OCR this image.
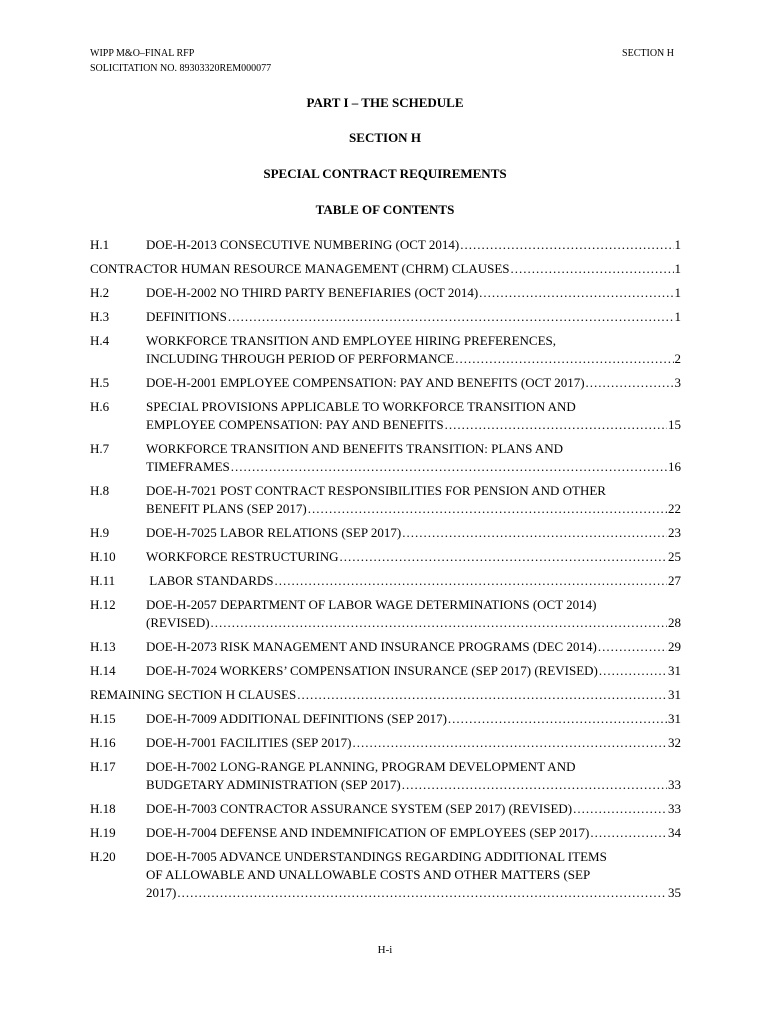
WIPP M&O–FINAL RFP
SOLICITATION NO. 89303320REM000077
SECTION H
PART I – THE SCHEDULE
SECTION H
SPECIAL CONTRACT REQUIREMENTS
TABLE OF CONTENTS
H.1	DOE-H-2013 CONSECUTIVE NUMBERING (OCT 2014) .....	1
CONTRACTOR HUMAN RESOURCE MANAGEMENT (CHRM) CLAUSES .....	1
H.2	DOE-H-2002 NO THIRD PARTY BENEFIARIES (OCT 2014) .....	1
H.3	DEFINITIONS .....	1
H.4	WORKFORCE TRANSITION AND EMPLOYEE HIRING PREFERENCES,
INCLUDING THROUGH PERIOD OF PERFORMANCE .....	2
H.5	DOE-H-2001 EMPLOYEE COMPENSATION: PAY AND BENEFITS (OCT 2017) .....	3
H.6	SPECIAL PROVISIONS APPLICABLE TO WORKFORCE TRANSITION AND
EMPLOYEE COMPENSATION: PAY AND BENEFITS .....	15
H.7	WORKFORCE TRANSITION AND BENEFITS TRANSITION: PLANS AND
TIMEFRAMES .....	16
H.8	DOE-H-7021 POST CONTRACT RESPONSIBILITIES FOR PENSION AND OTHER
BENEFIT PLANS (SEP 2017) .....	22
H.9	DOE-H-7025 LABOR RELATIONS (SEP 2017) .....	23
H.10 WORKFORCE RESTRUCTURING .....	25
H.11 LABOR STANDARDS .....	27
H.12 DOE-H-2057 DEPARTMENT OF LABOR WAGE DETERMINATIONS (OCT 2014)
(REVISED) .....	28
H.13 DOE-H-2073 RISK MANAGEMENT AND INSURANCE PROGRAMS (DEC 2014) .....	29
H.14 DOE-H-7024 WORKERS’ COMPENSATION INSURANCE (SEP 2017) (REVISED) .....	31
REMAINING SECTION H CLAUSES .....	31
H.15 DOE-H-7009 ADDITIONAL DEFINITIONS (SEP 2017) .....	31
H.16 DOE-H-7001 FACILITIES (SEP 2017) .....	32
H.17 DOE-H-7002 LONG-RANGE PLANNING, PROGRAM DEVELOPMENT AND
BUDGETARY ADMINISTRATION (SEP 2017) .....	33
H.18 DOE-H-7003 CONTRACTOR ASSURANCE SYSTEM (SEP 2017) (REVISED) .....	33
H.19 DOE-H-7004 DEFENSE AND INDEMNIFICATION OF EMPLOYEES (SEP 2017) .....	34
H.20 DOE-H-7005 ADVANCE UNDERSTANDINGS REGARDING ADDITIONAL ITEMS
OF ALLOWABLE AND UNALLOWABLE COSTS AND OTHER MATTERS (SEP
2017) .....	35
H-i
